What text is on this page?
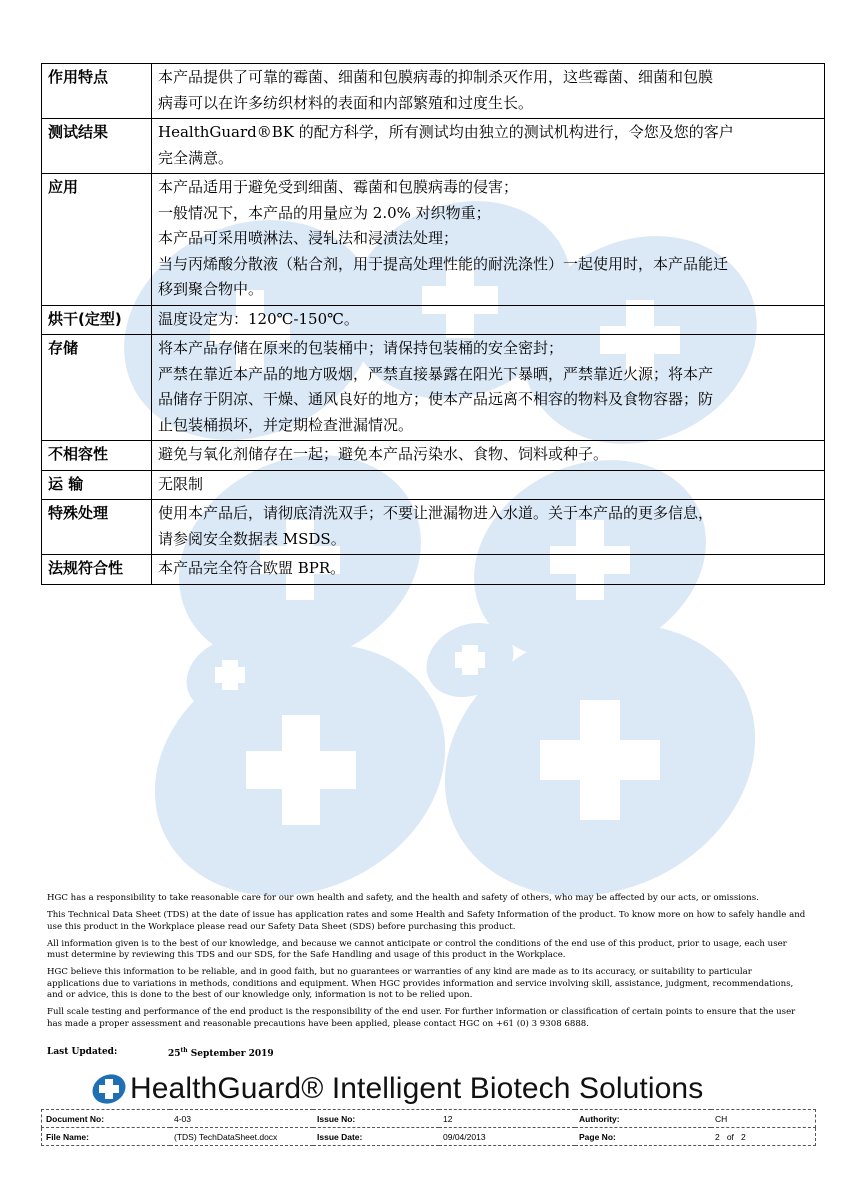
作用特点	本产品提供了可靠的霉菌、细菌和包膜病毒的抑制杀灭作用，这些霉菌、细菌和包膜
病毒可以在许多纺织材料的表面和内部繁殖和过度生长。

测试结果	HealthGuard®BK 的配方科学，所有测试均由独立的测试机构进行，令您及您的客户
完全满意。

应用	本产品适用于避免受到细菌、霉菌和包膜病毒的侵害；
一般情况下，本产品的用量应为 2.0% 对织物重；
本产品可采用喷淋法、浸轧法和浸渍法处理；
当与丙烯酸分散液（粘合剂，用于提高处理性能的耐洗涤性）一起使用时，本产品能迁
移到聚合物中。

烘干(定型)	温度设定为：120℃-150℃。

存储	将本产品存储在原来的包装桶中；请保持包装桶的安全密封；
严禁在靠近本产品的地方吸烟，严禁直接暴露在阳光下暴晒，严禁靠近火源；将本产
品储存于阴凉、干燥、通风良好的地方；使本产品远离不相容的物料及食物容器；防
止包装桶损坏，并定期检查泄漏情况。

不相容性	避免与氧化剂储存在一起；避免本产品污染水、食物、饲料或种子。

运 输	无限制

特殊处理	使用本产品后，请彻底清洗双手；不要让泄漏物进入水道。关于本产品的更多信息，
请参阅安全数据表 MSDS。

法规符合性	本产品完全符合欧盟 BPR。

HGC has a responsibility to take reasonable care for our own health and safety, and the health and safety of others, who may be affected by our acts, or omissions.

This Technical Data Sheet (TDS) at the date of issue has application rates and some Health and Safety Information of the product. To know more on how to safely handle and use this product in the Workplace please read our Safety Data Sheet (SDS) before purchasing this product.

All information given is to the best of our knowledge, and because we cannot anticipate or control the conditions of the end use of this product, prior to usage, each user must determine by reviewing this TDS and our SDS, for the Safe Handling and usage of this product in the Workplace.

HGC believe this information to be reliable, and in good faith, but no guarantees or warranties of any kind are made as to its accuracy, or suitability to particular applications due to variations in methods, conditions and equipment. When HGC provides information and service involving skill, assistance, judgment, recommendations, and or advice, this is done to the best of our knowledge only, information is not to be relied upon.

Full scale testing and performance of the end product is the responsibility of the end user. For further information or classification of certain points to ensure that the user has made a proper assessment and reasonable precautions have been applied, please contact HGC on +61 (0) 3 9308 6888.

Last Updated:	25th September 2019
HealthGuard® Intelligent Biotech Solutions
Document No:	4-03	Issue No:	12	Authority:	CH
File Name:	(TDS) TechDataSheet.docx	Issue Date:	09/04/2013	Page No:	2 of 2
